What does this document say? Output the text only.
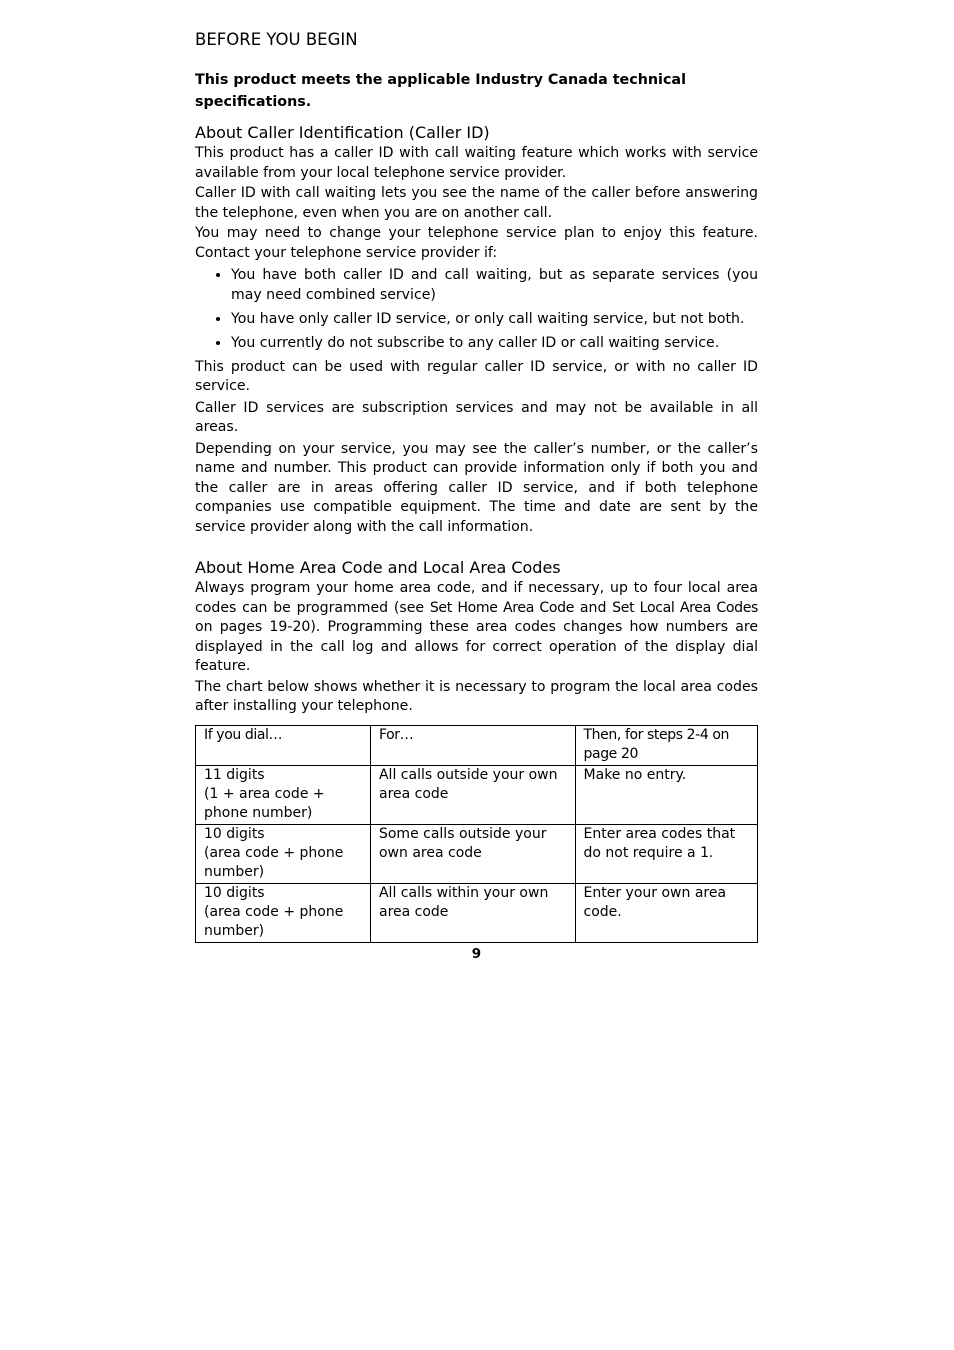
BEFORE YOU BEGIN
This product meets the applicable Industry Canada technical specifications.
About Caller Identification (Caller ID)

This product has a caller ID with call waiting feature which works with service available from your local telephone service provider.

Caller ID with call waiting lets you see the name of the caller before answering the telephone, even when you are on another call.

You may need to change your telephone service plan to enjoy this feature. Contact your telephone service provider if:

• You have both caller ID and call waiting, but as separate services (you may need combined service)
• You have only caller ID service, or only call waiting service, but not both.
• You currently do not subscribe to any caller ID or call waiting service.

This product can be used with regular caller ID service, or with no caller ID service.

Caller ID services are subscription services and may not be available in all areas.

Depending on your service, you may see the caller’s number, or the caller’s name and number. This product can provide information only if both you and the caller are in areas offering caller ID service, and if both telephone companies use compatible equipment. The time and date are sent by the service provider along with the call information.

About Home Area Code and Local Area Codes

Always program your home area code, and if necessary, up to four local area codes can be programmed (see Set Home Area Code and Set Local Area Codes on pages 19-20). Programming these area codes changes how numbers are displayed in the call log and allows for correct operation of the display dial feature.

The chart below shows whether it is necessary to program the local area codes after installing your telephone.

If you dial…	For…	Then, for steps 2-4 on page 20
11 digits
(1 + area code + phone number)	All calls outside your own area code	Make no entry.
10 digits
(area code + phone number)	Some calls outside your own area code	Enter area codes that do not require a 1.
10 digits
(area code + phone number)	All calls within your own area code	Enter your own area code.
9
